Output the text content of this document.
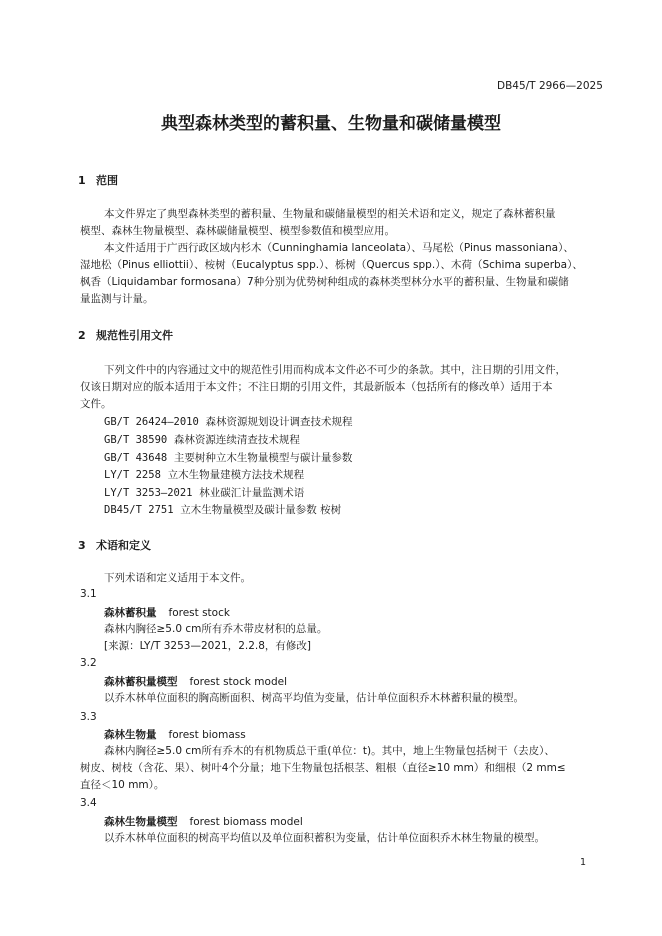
DB45/T 2966—2025
典型森林类型的蓄积量、生物量和碳储量模型
1 范围
本文件界定了典型森林类型的蓄积量、生物量和碳储量模型的相关术语和定义，规定了森林蓄积量
模型、森林生物量模型、森林碳储量模型、模型参数值和模型应用。
本文件适用于广西行政区域内杉木（Cunninghamia lanceolata）、马尾松（Pinus massoniana）、
湿地松（Pinus elliottii）、桉树（Eucalyptus spp.）、栎树（Quercus spp.）、木荷（Schima superba）、
枫香（Liquidambar formosana）7种分别为优势树种组成的森林类型林分水平的蓄积量、生物量和碳储
量监测与计量。
2 规范性引用文件
下列文件中的内容通过文中的规范性引用而构成本文件必不可少的条款。其中，注日期的引用文件，
仅该日期对应的版本适用于本文件；不注日期的引用文件，其最新版本（包括所有的修改单）适用于本
文件。
GB/T 26424—2010 森林资源规划设计调查技术规程
GB/T 38590 森林资源连续清查技术规程
GB/T 43648 主要树种立木生物量模型与碳计量参数
LY/T 2258 立木生物量建模方法技术规程
LY/T 3253—2021 林业碳汇计量监测术语
DB45/T 2751 立木生物量模型及碳计量参数 桉树
3 术语和定义
下列术语和定义适用于本文件。
3.1
森林蓄积量 forest stock
森林内胸径≥5.0 cm所有乔木带皮材积的总量。
[来源：LY/T 3253—2021，2.2.8，有修改]
3.2
森林蓄积量模型 forest stock model
以乔木林单位面积的胸高断面积、树高平均值为变量，估计单位面积乔木林蓄积量的模型。
3.3
森林生物量 forest biomass
森林内胸径≥5.0 cm所有乔木的有机物质总干重(单位：t)。其中，地上生物量包括树干（去皮）、
树皮、树枝（含花、果）、树叶4个分量；地下生物量包括根茎、粗根（直径≥10 mm）和细根（2 mm≤
直径＜10 mm）。
3.4
森林生物量模型 forest biomass model
以乔木林单位面积的树高平均值以及单位面积蓄积为变量，估计单位面积乔木林生物量的模型。
1
